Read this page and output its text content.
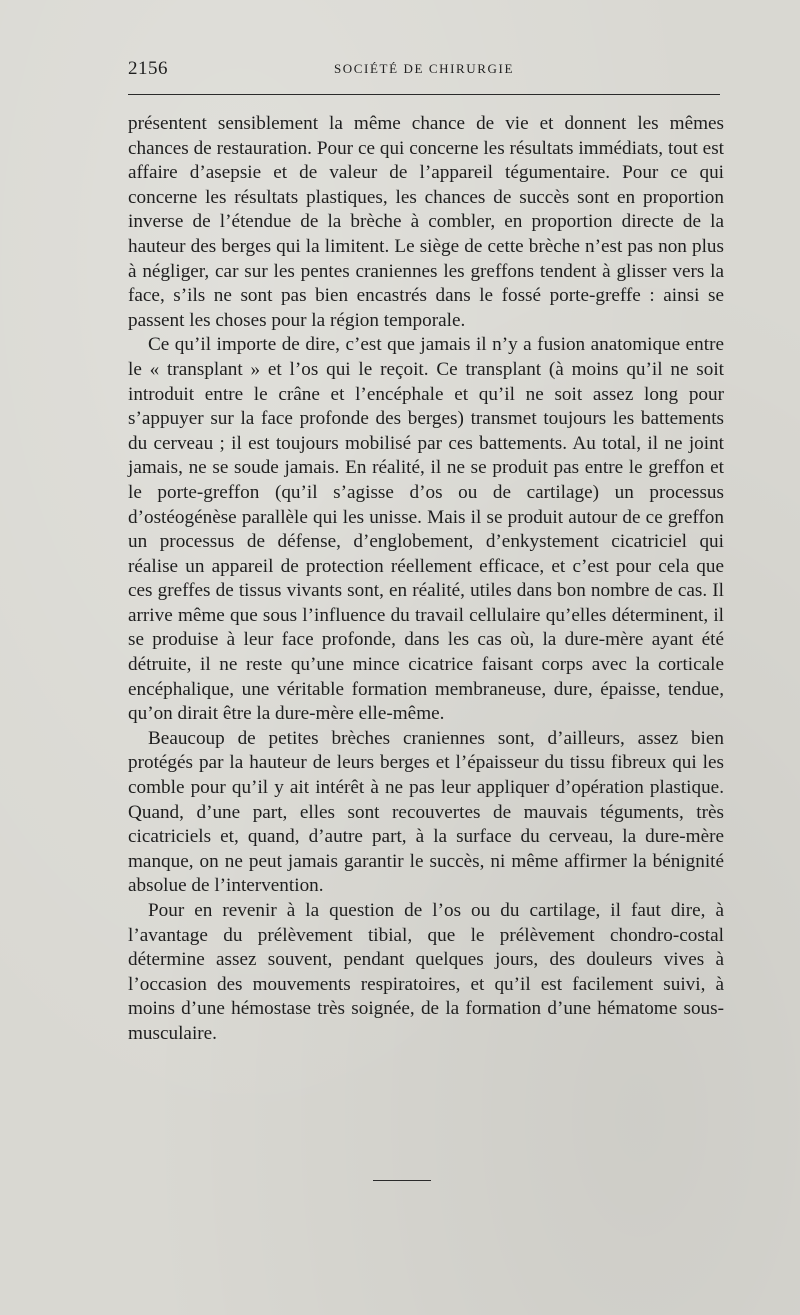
2156	SOCIÉTÉ DE CHIRURGIE

présentent sensiblement la même chance de vie et donnent les mêmes chances de restauration. Pour ce qui concerne les résultats immédiats, tout est affaire d’asepsie et de valeur de l’appareil tégumentaire. Pour ce qui concerne les résultats plastiques, les chances de succès sont en proportion inverse de l’étendue de la brèche à combler, en proportion directe de la hauteur des berges qui la limitent. Le siège de cette brèche n’est pas non plus à négliger, car sur les pentes craniennes les greffons tendent à glisser vers la face, s’ils ne sont pas bien encastrés dans le fossé porte-greffe : ainsi se passent les choses pour la région temporale.

Ce qu’il importe de dire, c’est que jamais il n’y a fusion anatomique entre le « transplant » et l’os qui le reçoit. Ce transplant (à moins qu’il ne soit introduit entre le crâne et l’encéphale et qu’il ne soit assez long pour s’appuyer sur la face profonde des berges) transmet toujours les battements du cerveau ; il est toujours mobilisé par ces battements. Au total, il ne joint jamais, ne se soude jamais. En réalité, il ne se produit pas entre le greffon et le porte-greffon (qu’il s’agisse d’os ou de cartilage) un processus d’ostéogénèse parallèle qui les unisse. Mais il se produit autour de ce greffon un processus de défense, d’englobement, d’enkystement cicatriciel qui réalise un appareil de protection réellement efficace, et c’est pour cela que ces greffes de tissus vivants sont, en réalité, utiles dans bon nombre de cas. Il arrive même que sous l’influence du travail cellulaire qu’elles déterminent, il se produise à leur face profonde, dans les cas où, la dure-mère ayant été détruite, il ne reste qu’une mince cicatrice faisant corps avec la corticale encéphalique, une véritable formation membraneuse, dure, épaisse, tendue, qu’on dirait être la dure-mère elle-même.

Beaucoup de petites brèches craniennes sont, d’ailleurs, assez bien protégés par la hauteur de leurs berges et l’épaisseur du tissu fibreux qui les comble pour qu’il y ait intérêt à ne pas leur appliquer d’opération plastique. Quand, d’une part, elles sont recouvertes de mauvais téguments, très cicatriciels et, quand, d’autre part, à la surface du cerveau, la dure-mère manque, on ne peut jamais garantir le succès, ni même affirmer la bénignité absolue de l’intervention.

Pour en revenir à la question de l’os ou du cartilage, il faut dire, à l’avantage du prélèvement tibial, que le prélèvement chondro-costal détermine assez souvent, pendant quelques jours, des douleurs vives à l’occasion des mouvements respiratoires, et qu’il est facilement suivi, à moins d’une hémostase très soignée, de la formation d’une hématome sous-musculaire.
